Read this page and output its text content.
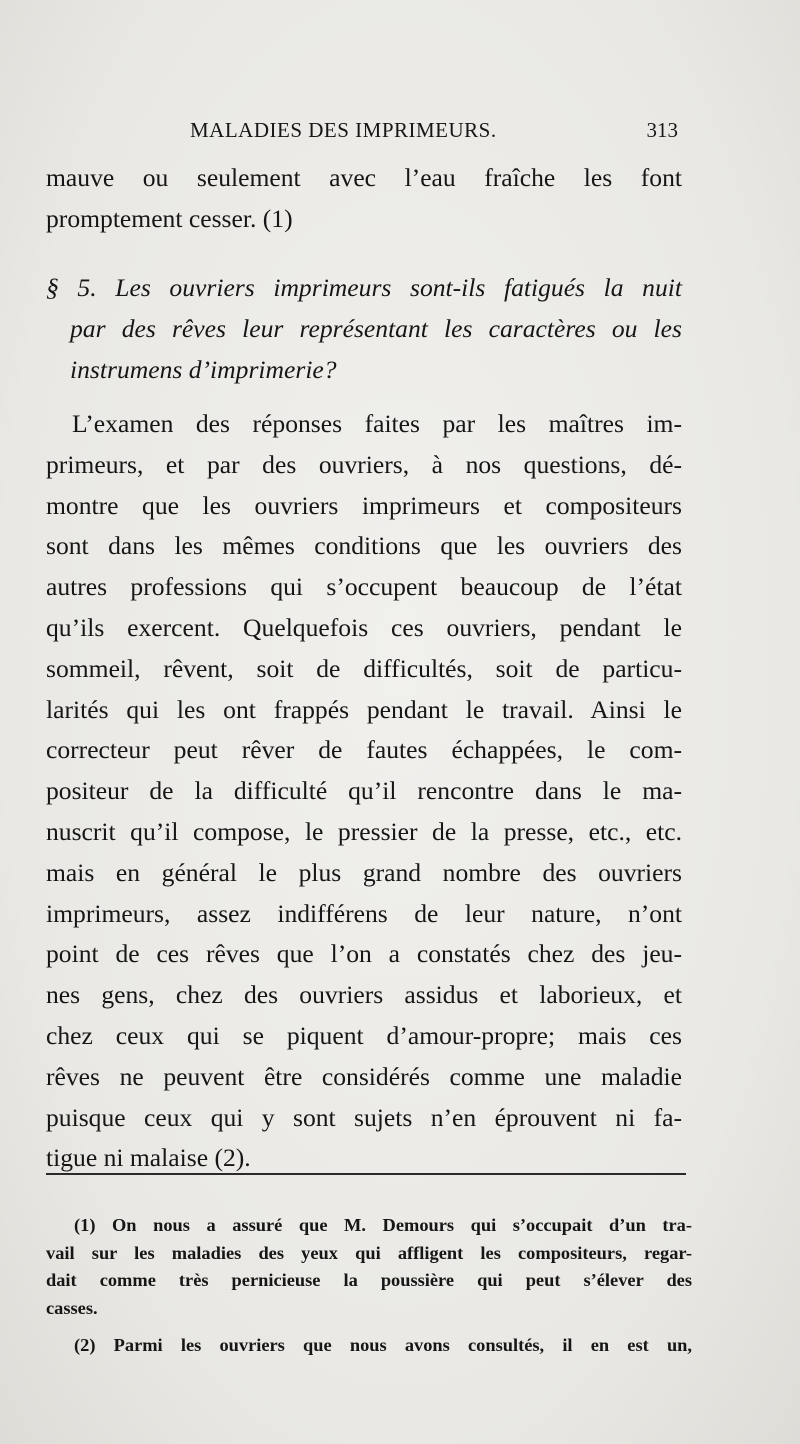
MALADIES DES IMPRIMEURS.	313
mauve ou seulement avec l’eau fraîche les font
promptement cesser. (1)
§ 5. Les ouvriers imprimeurs sont-ils fatigués la nuit
par des rêves leur représentant les caractères ou les
instrumens d’imprimerie?
L’examen des réponses faites par les maîtres im-
primeurs, et par des ouvriers, à nos questions, dé-
montre que les ouvriers imprimeurs et compositeurs
sont dans les mêmes conditions que les ouvriers des
autres professions qui s’occupent beaucoup de l’état
qu’ils exercent. Quelquefois ces ouvriers, pendant le
sommeil, rêvent, soit de difficultés, soit de particu-
larités qui les ont frappés pendant le travail. Ainsi le
correcteur peut rêver de fautes échappées, le com-
positeur de la difficulté qu’il rencontre dans le ma-
nuscrit qu’il compose, le pressier de la presse, etc., etc.
mais en général le plus grand nombre des ouvriers
imprimeurs, assez indifférens de leur nature, n’ont
point de ces rêves que l’on a constatés chez des jeu-
nes gens, chez des ouvriers assidus et laborieux, et
chez ceux qui se piquent d’amour-propre; mais ces
rêves ne peuvent être considérés comme une maladie
puisque ceux qui y sont sujets n’en éprouvent ni fa-
tigue ni malaise (2).
(1) On nous a assuré que M. Demours qui s’occupait d’un tra-
vail sur les maladies des yeux qui affligent les compositeurs, regar-
dait comme très pernicieuse la poussière qui peut s’élever des
casses.
(2) Parmi les ouvriers que nous avons consultés, il en est un,
